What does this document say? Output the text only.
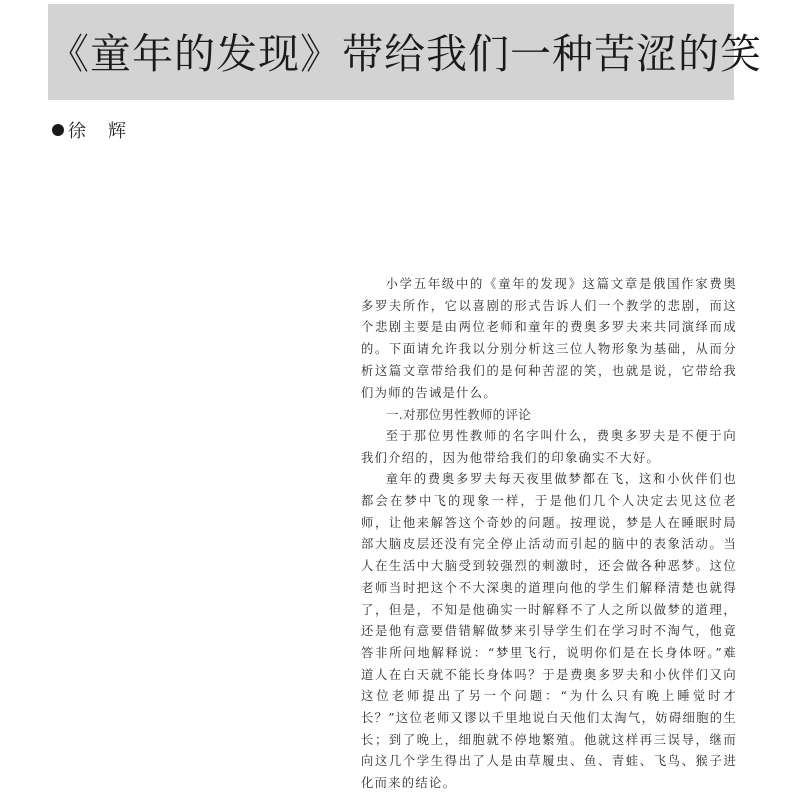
《童年的发现》带给我们一种苦涩的笑
徐 辉

小学五年级中的《童年的发现》这篇文章是俄国作家费奥多罗夫所作，它以喜剧的形式告诉人们一个教学的悲剧，而这个悲剧主要是由两位老师和童年的费奥多罗夫来共同演绎而成的。下面请允许我以分别分析这三位人物形象为基础，从而分析这篇文章带给我们的是何种苦涩的笑，也就是说，它带给我们为师的告诫是什么。

一.对那位男性教师的评论

至于那位男性教师的名字叫什么，费奥多罗夫是不便于向我们介绍的，因为他带给我们的印象确实不大好。

童年的费奥多罗夫每天夜里做梦都在飞，这和小伙伴们也都会在梦中飞的现象一样，于是他们几个人决定去见这位老师，让他来解答这个奇妙的问题。按理说，梦是人在睡眠时局部大脑皮层还没有完全停止活动而引起的脑中的表象活动。当人在生活中大脑受到较强烈的刺激时，还会做各种恶梦。这位老师当时把这个不大深奥的道理向他的学生们解释清楚也就得了，但是，不知是他确实一时解释不了人之所以做梦的道理，还是他有意要借错解做梦来引导学生们在学习时不淘气，他竟答非所问地解释说：“梦里飞行，说明你们是在长身体呀。”难道人在白天就不能长身体吗？于是费奥多罗夫和小伙伴们又向这位老师提出了另一个问题：“为什么只有晚上睡觉时才长？”这位老师又谬以千里地说白天他们太淘气，妨碍细胞的生长；到了晚上，细胞就不停地繁殖。他就这样再三误导，继而向这几个学生得出了人是由草履虫、鱼、青蛙、飞鸟、猴子进化而来的结论。
